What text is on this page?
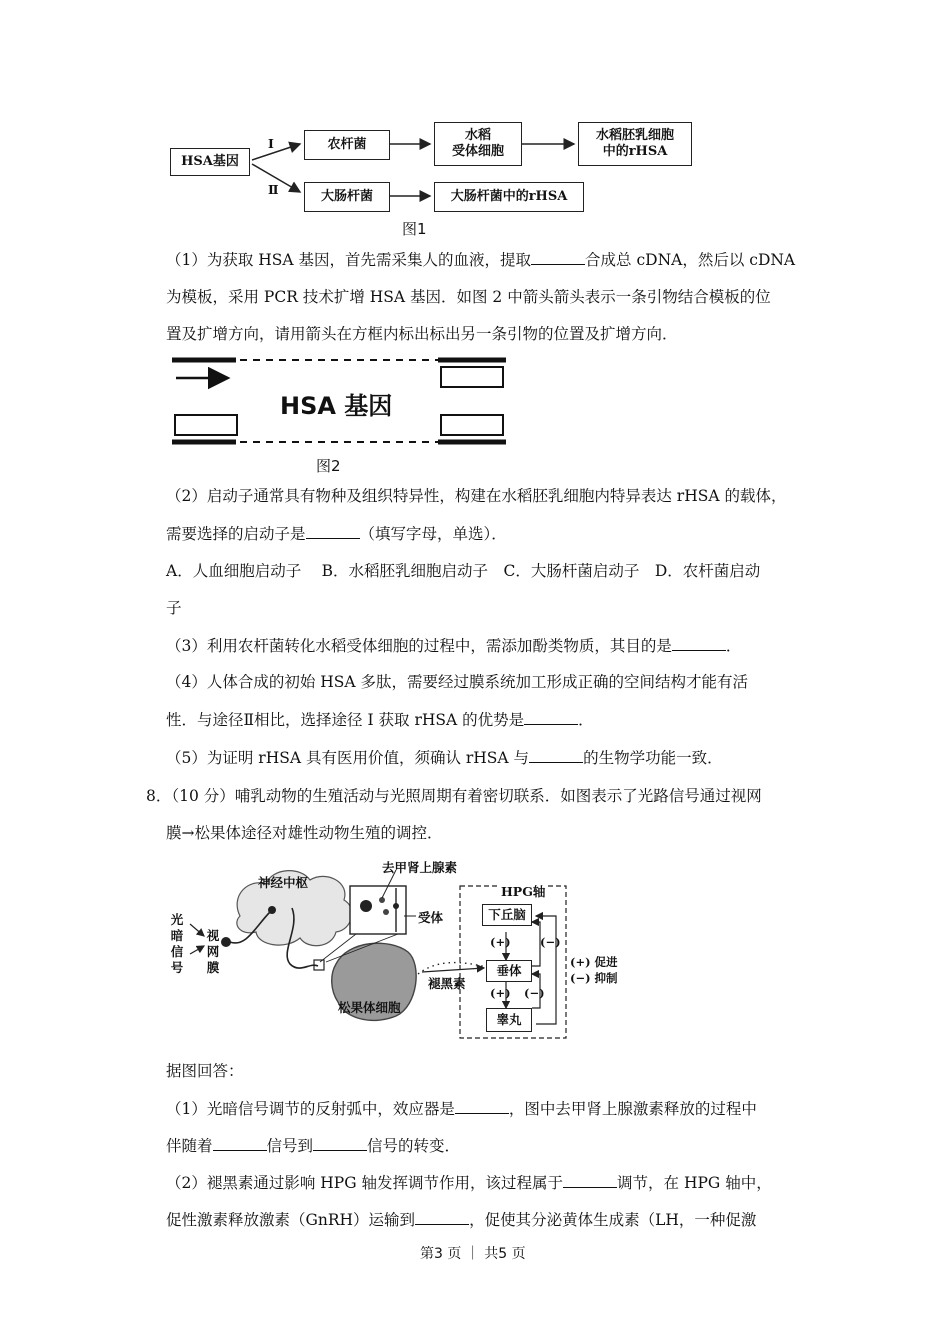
HSA基因
Ⅰ
Ⅱ
农杆菌
水稻
受体细胞
水稻胚乳细胞
中的rHSA
大肠杆菌	大肠杆菌中的rHSA
图1
（1）为获取 HSA 基因，首先需采集人的血液，提取	合成总 cDNA，然后以 cDNA
为模板，采用 PCR 技术扩增 HSA 基因．如图 2 中箭头箭头表示一条引物结合模板的位
置及扩增方向，请用箭头在方框内标出标出另一条引物的位置及扩增方向．
HSA 基因
图2
（2）启动子通常具有物种及组织特异性，构建在水稻胚乳细胞内特异表达 rHSA 的载体，
需要选择的启动子是	（填写字母，单选）．
A．人血细胞启动子　 B．水稻胚乳细胞启动子　C．大肠杆菌启动子　D．农杆菌启动
子
（3）利用农杆菌转化水稻受体细胞的过程中，需添加酚类物质，其目的是	．
（4）人体合成的初始 HSA 多肽，需要经过膜系统加工形成正确的空间结构才能有活
性．与途径Ⅱ相比，选择途径 I 获取 rHSA 的优势是	．
（5）为证明 rHSA 具有医用价值，须确认 rHSA 与	的生物学功能一致．
8．（10 分）哺乳动物的生殖活动与光照周期有着密切联系．如图表示了光路信号通过视网
膜→松果体途径对雄性动物生殖的调控．
光暗信号
视网膜
神经中枢
去甲肾上腺素
受体
松果体细胞
褪黑素
HPG轴
下丘脑
垂体
睾丸
(+)	(−)
(+) (−)
(+) 促进
(−) 抑制
据图回答：
（1）光暗信号调节的反射弧中，效应器是	，图中去甲肾上腺激素释放的过程中
伴随着	信号到	信号的转变．
（2）褪黑素通过影响 HPG 轴发挥调节作用，该过程属于	调节，在 HPG 轴中，
促性激素释放激素（GnRH）运输到	，促使其分泌黄体生成素（LH，一种促激
第3 页 ｜ 共5 页
